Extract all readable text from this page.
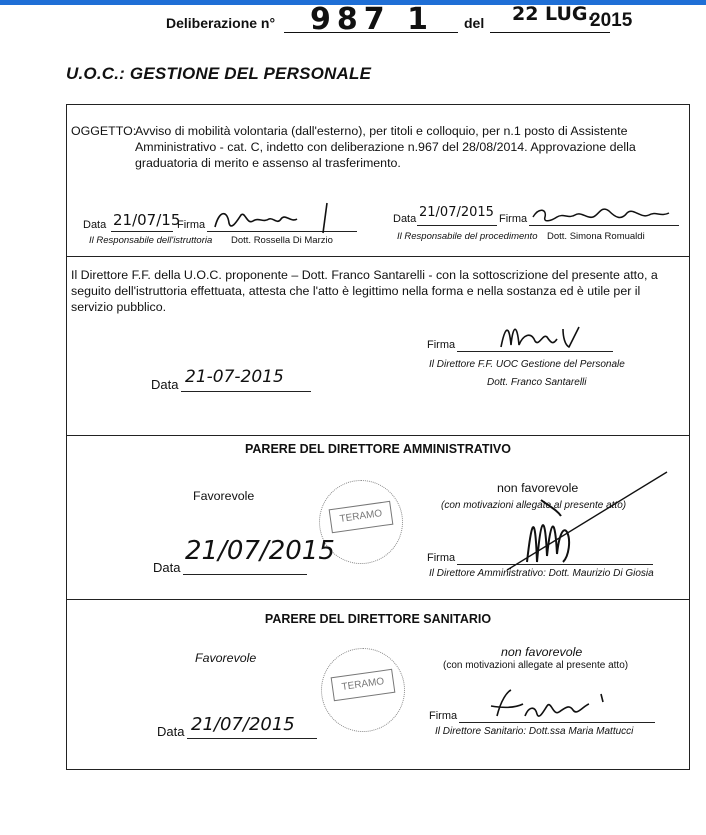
Deliberazione n° 987 1 del 22 LUG.
2015
U.O.C.: GESTIONE DEL PERSONALE
OGGETTO:
Avviso di mobilità volontaria (dall'esterno), per titoli e colloquio, per n.1 posto di Assistente
Amministrativo - cat. C, indetto con deliberazione n.967 del 28/08/2014. Approvazione della
graduatoria di merito e assenso al trasferimento.
Data 21/07/15
Firma
Il Responsabile dell'istruttoria Dott. Rossella Di Marzio
Data 21/07/2015 Firma
Il Responsabile del procedimento Dott. Simona Romualdi
Il Direttore F.F. della U.O.C. proponente – Dott. Franco Santarelli - con la sottoscrizione del presente atto, a
seguito dell'istruttoria effettuata, attesta che l'atto è legittimo nella forma e nella sostanza ed è utile per il
servizio pubblico.
Firma
Il Direttore F.F. UOC Gestione del Personale
Dott. Franco Santarelli
Data 21-07-2015
PARERE DEL DIRETTORE AMMINISTRATIVO
Favorevole
non favorevole
(con motivazioni allegate al presente atto)
TERAMO
Data
21/07/2015	Firma
Il Direttore Amministrativo: Dott. Maurizio Di Giosia
PARERE DEL DIRETTORE SANITARIO
Favorevole	non favorevole
(con motivazioni allegate al presente atto)
TERAMO
Data 21/07/2015	Firma
Il Direttore Sanitario: Dott.ssa Maria Mattucci
